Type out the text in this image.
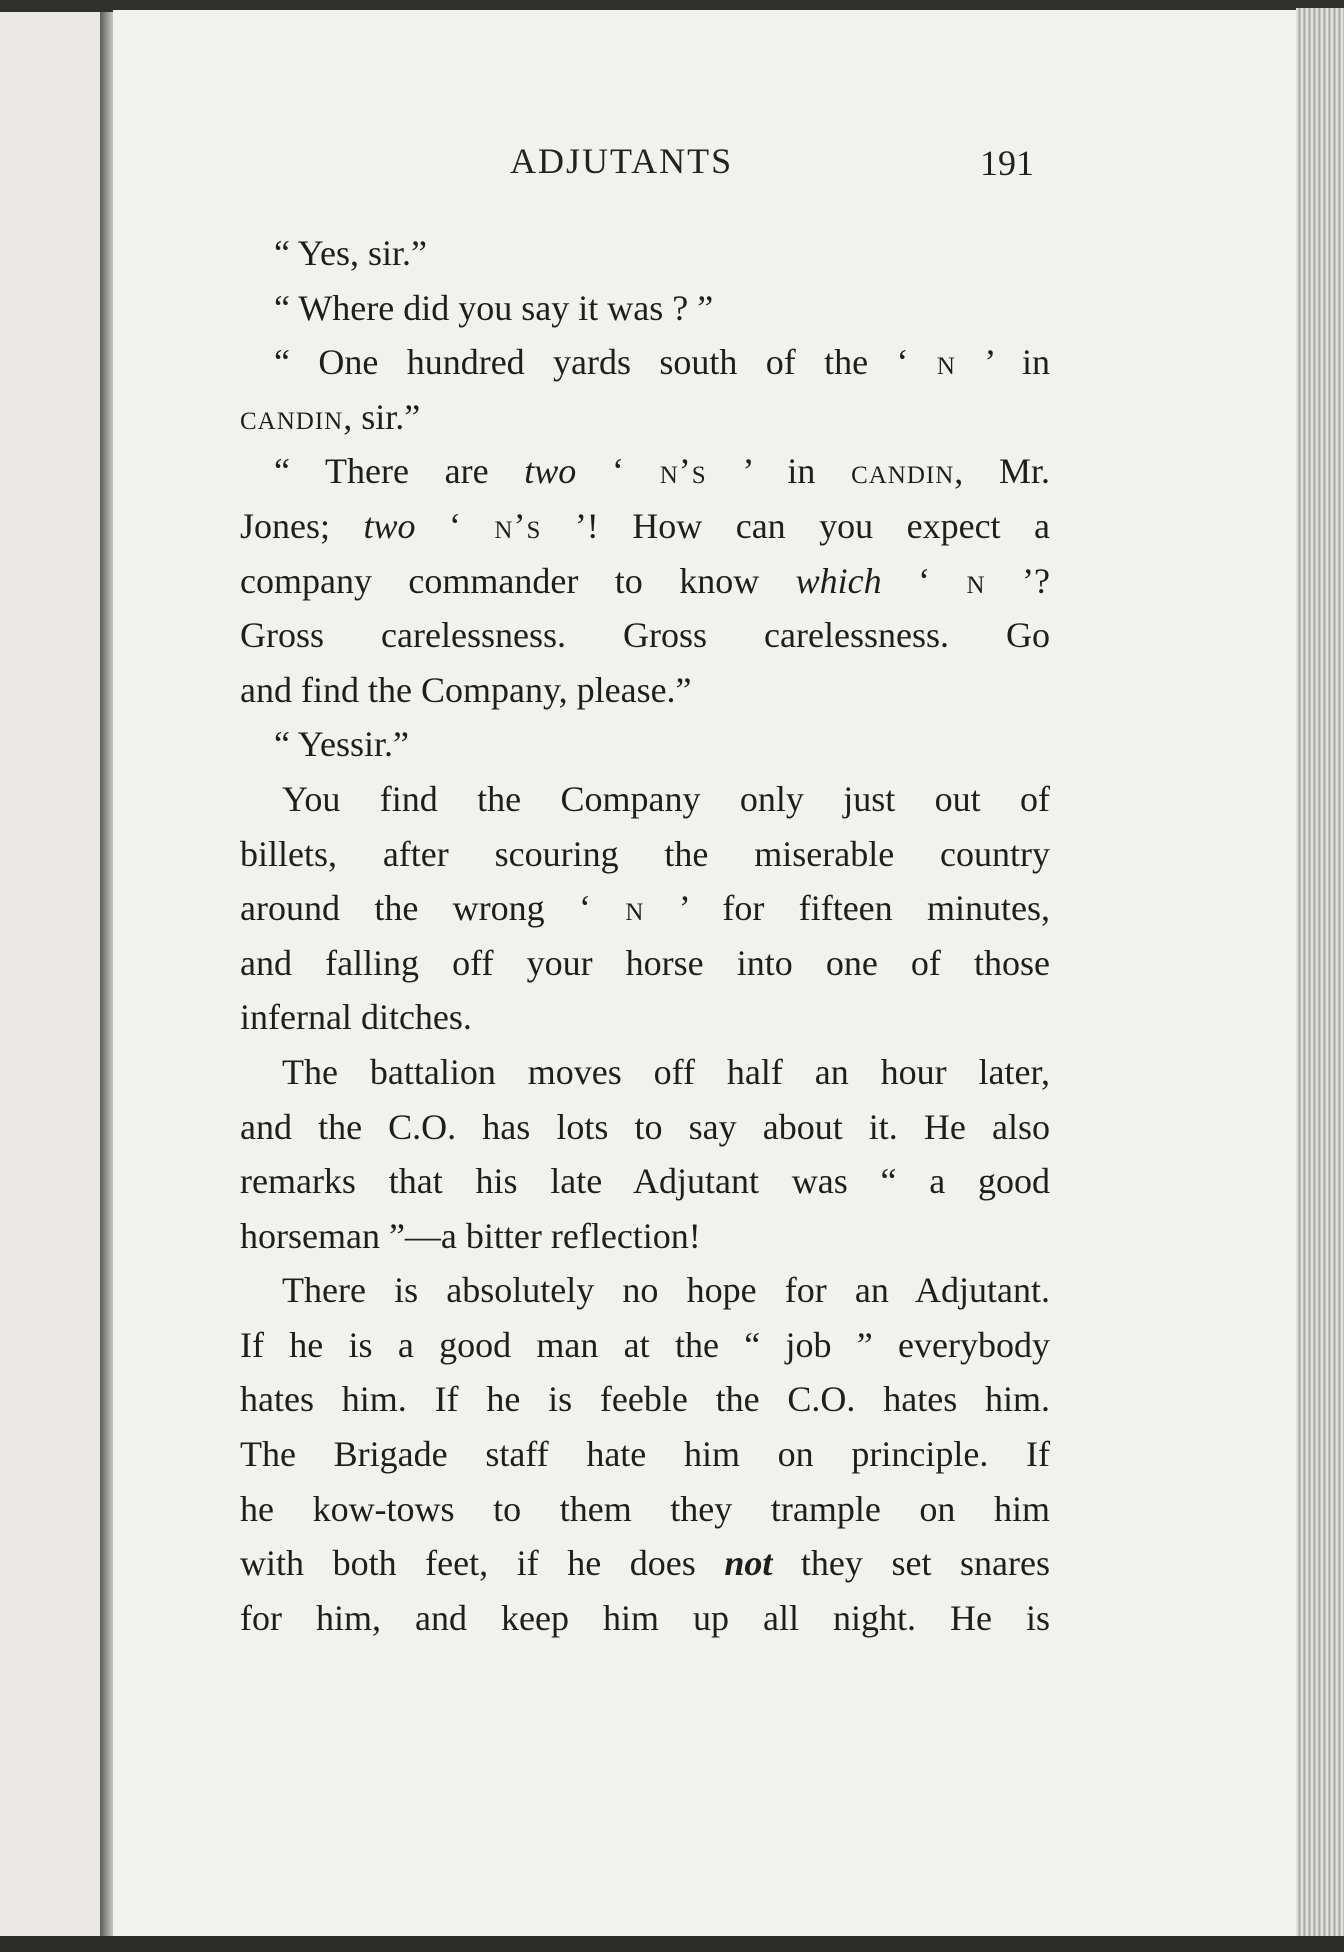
ADJUTANTS	191
“ Yes, sir.”
“ Where did you say it was ? ”
“ One hundred yards south of the ‘ n ’ in
candin, sir.”
“ There are two ‘ n’s ’ in candin, Mr.
Jones; two ‘ n’s ’! How can you expect a
company commander to know which ‘ n ’?
Gross carelessness. Gross carelessness. Go
and find the Company, please.”
“ Yessir.”
You find the Company only just out of
billets, after scouring the miserable country
around the wrong ‘ n ’ for fifteen minutes,
and falling off your horse into one of those
infernal ditches.
The battalion moves off half an hour later,
and the C.O. has lots to say about it. He also
remarks that his late Adjutant was “ a good
horseman ”—a bitter reflection!
There is absolutely no hope for an Adjutant.
If he is a good man at the “ job ” everybody
hates him. If he is feeble the C.O. hates him.
The Brigade staff hate him on principle. If
he kow-tows to them they trample on him
with both feet, if he does not they set snares
for him, and keep him up all night. He is
